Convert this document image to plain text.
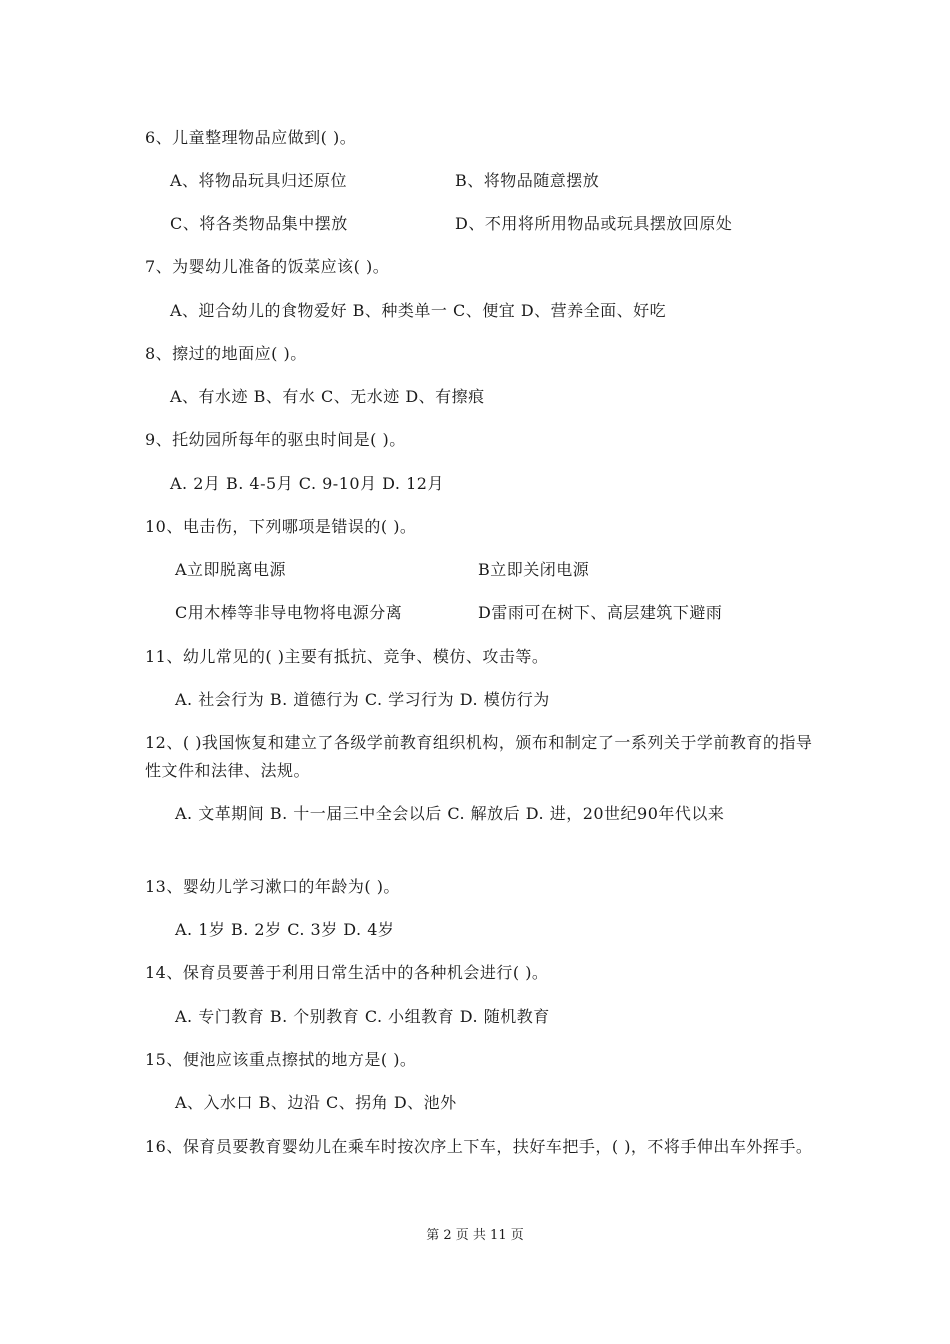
6、儿童整理物品应做到( )。
A、将物品玩具归还原位	B、将物品随意摆放
C、将各类物品集中摆放	D、不用将所用物品或玩具摆放回原处
7、为婴幼儿准备的饭菜应该( )。
A、迎合幼儿的食物爱好 B、种类单一 C、便宜 D、营养全面、好吃
8、擦过的地面应( )。
A、有水迹 B、有水 C、无水迹 D、有擦痕
9、托幼园所每年的驱虫时间是( )。
A. 2月 B. 4-5月 C. 9-10月 D. 12月
10、电击伤，下列哪项是错误的( )。
A立即脱离电源	B立即关闭电源
C用木棒等非导电物将电源分离	D雷雨可在树下、高层建筑下避雨
11、幼儿常见的( )主要有抵抗、竞争、模仿、攻击等。
A. 社会行为 B. 道德行为 C. 学习行为 D. 模仿行为
12、( )我国恢复和建立了各级学前教育组织机构，颁布和制定了一系列关于学前教育的指导性文件和法律、法规。
A. 文革期间 B. 十一届三中全会以后 C. 解放后 D. 进，20世纪90年代以来
13、婴幼儿学习漱口的年龄为( )。
A. 1岁 B. 2岁 C. 3岁 D. 4岁
14、保育员要善于利用日常生活中的各种机会进行( )。
A. 专门教育 B. 个别教育 C. 小组教育 D. 随机教育
15、便池应该重点擦拭的地方是( )。
A、入水口 B、边沿 C、拐角 D、池外
16、保育员要教育婴幼儿在乘车时按次序上下车，扶好车把手，( )，不将手伸出车外挥手。
第 2 页 共 11 页
